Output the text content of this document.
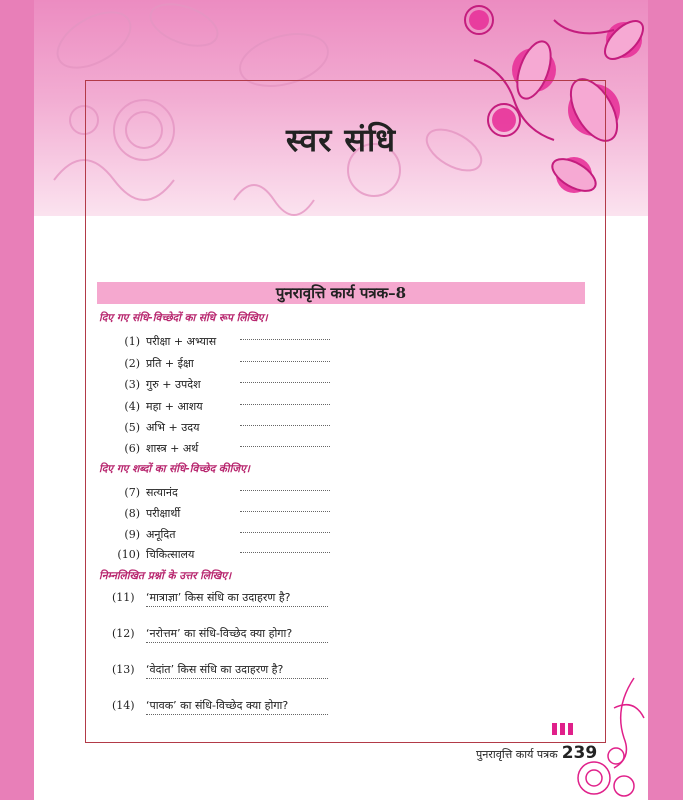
स्वर संधि
पुनरावृत्ति कार्य पत्रक–8
दिए गए संधि-विच्छेदों का संधि रूप लिखिए।
(1) परीक्षा + अभ्यास
(2) प्रति + ईक्षा
(3) गुरु + उपदेश
(4) महा + आशय
(5) अभि + उदय
(6) शास्त्र + अर्थ
दिए गए शब्दों का संधि-विच्छेद कीजिए।
(7) सत्यानंद
(8) परीक्षार्थी
(9) अनूदित
(10) चिकित्सालय
निम्नलिखित प्रश्नों के उत्तर लिखिए।
(11) ‘मात्राज्ञा’ किस संधि का उदाहरण है?
(12) ‘नरोत्तम’ का संधि-विच्छेद क्या होगा?
(13) ‘वेदांत’ किस संधि का उदाहरण है?
(14) ‘पावक’ का संधि-विच्छेद क्या होगा?
पुनरावृत्ति कार्य पत्रक 239
